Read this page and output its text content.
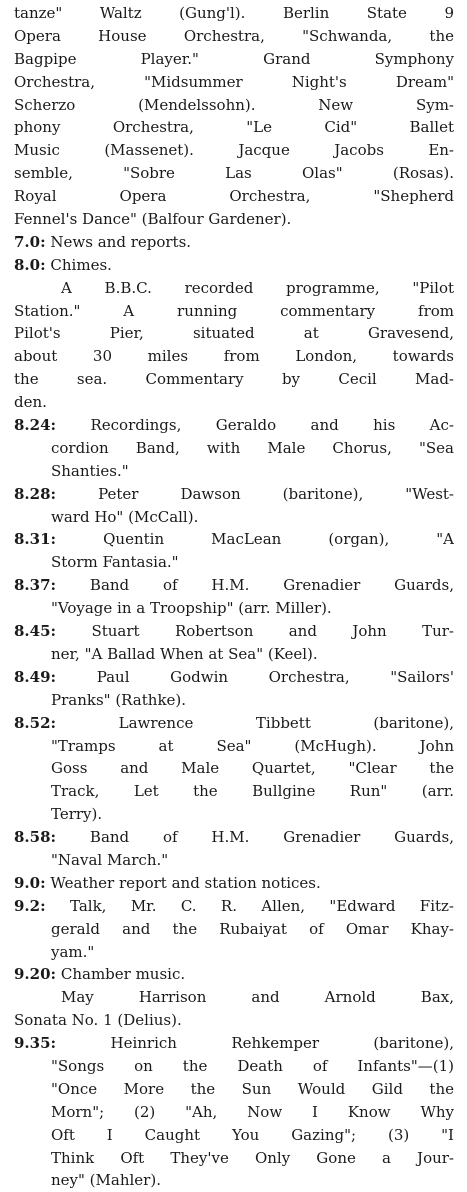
tanze" Waltz (Gung'l). Berlin State 9
Opera House Orchestra, "Schwanda, the
Bagpipe Player." Grand Symphony
Orchestra, "Midsummer Night's Dream"
Scherzo (Mendelssohn). New Sym-
phony Orchestra, "Le Cid" Ballet
Music (Massenet). Jacque Jacobs En-
semble, "Sobre Las Olas" (Rosas).
Royal Opera Orchestra, "Shepherd
Fennel's Dance" (Balfour Gardener).
7.0: News and reports.
8.0: Chimes.
A B.B.C. recorded programme, "Pilot
Station." A running commentary from
Pilot's Pier, situated at Gravesend,
about 30 miles from London, towards
the sea. Commentary by Cecil Mad-
den.
8.24: Recordings, Geraldo and his Ac-
cordion Band, with Male Chorus, "Sea
Shanties."
8.28:	Peter Dawson (baritone), "West-
ward Ho" (McCall).
8.31:	Quentin MacLean (organ), "A
Storm Fantasia."
8.37: Band of H.M. Grenadier Guards,
"Voyage in a Troopship" (arr. Miller).
8.45: Stuart Robertson and John Tur-
ner, "A Ballad When at Sea" (Keel).
8.49:	Paul Godwin Orchestra, "Sailors'
Pranks" (Rathke).
8.52:	Lawrence Tibbett (baritone),
"Tramps at Sea" (McHugh). John
Goss and Male Quartet, "Clear the
Track, Let the Bullgine Run" (arr.
Terry).
8.58: Band of H.M. Grenadier Guards,
"Naval March."
9.0: Weather report and station notices.
9.2: Talk, Mr. C. R. Allen, "Edward Fitz-
gerald and the Rubaiyat of Omar Khay-
yam."
9.20: Chamber music.
May Harrison and Arnold Bax,
Sonata No. 1 (Delius).
9.35:	Heinrich Rehkemper (baritone),
"Songs on the Death of Infants"—(1)
"Once More the Sun Would Gild the
Morn"; (2) "Ah, Now I Know Why
Oft I Caught You Gazing"; (3) "I
Think Oft They've Only Gone a Jour-
ney" (Mahler).
